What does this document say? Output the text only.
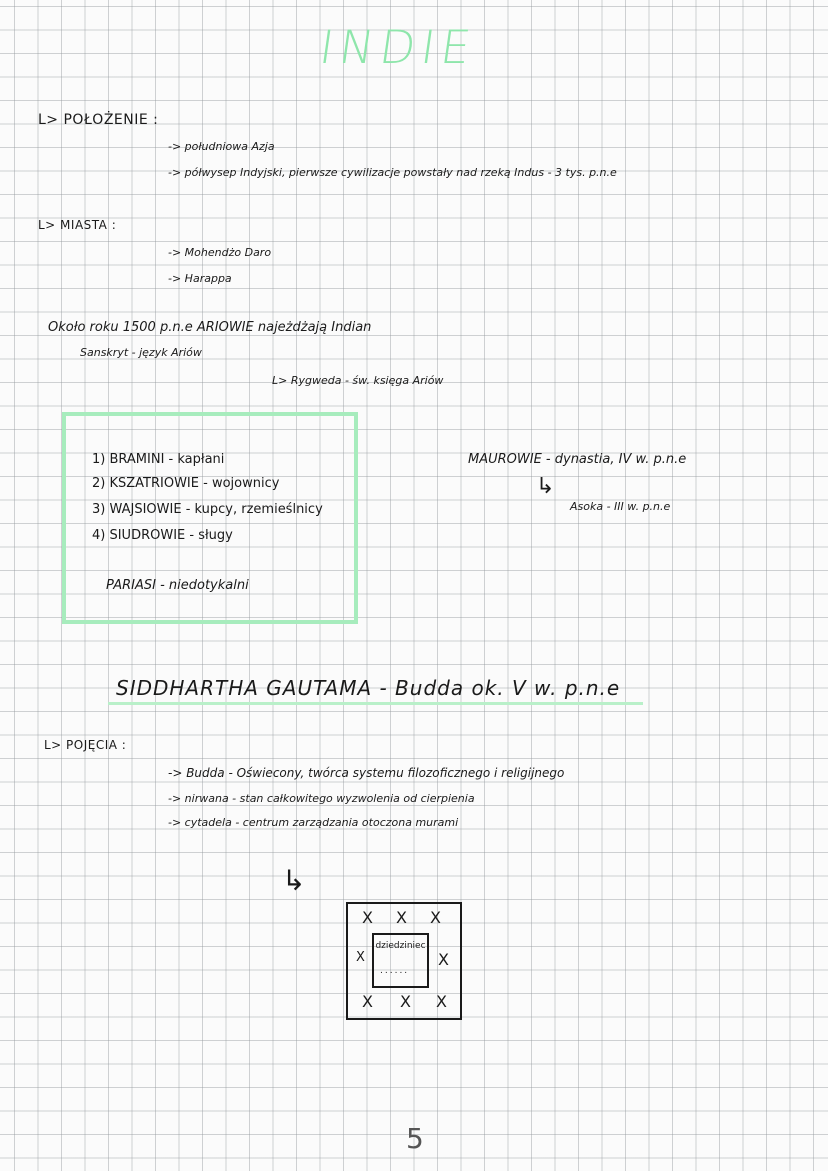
INDIE
L> POŁOŻENIE :
-> południowa Azja
-> półwysep Indyjski, pierwsze cywilizacje powstały nad rzeką Indus - 3 tys. p.n.e
L> MIASTA :
-> Mohendżo Daro
-> Harappa
Około roku 1500 p.n.e ARIOWIE najeżdżają Indian
Sanskryt - język Ariów
L> Rygweda - św. księga Ariów
1) BRAMINI - kapłani
2) KSZATRIOWIE - wojownicy
3) WAJSIOWIE - kupcy, rzemieślnicy
4) SIUDROWIE - sługy
PARIASI - niedotykalni
MAUROWIE - dynastia, IV w. p.n.e
↳
Asoka - III w. p.n.e
SIDDHARTHA GAUTAMA - Budda ok. V w. p.n.e
L> POJĘCIA :
-> Budda - Oświecony, twórca systemu filozoficznego i religijnego
-> nirwana - stan całkowitego wyzwolenia od cierpienia
-> cytadela - centrum zarządzania otoczona murami
↳
dziedziniec
......
X X X
X	X
X X X
5
